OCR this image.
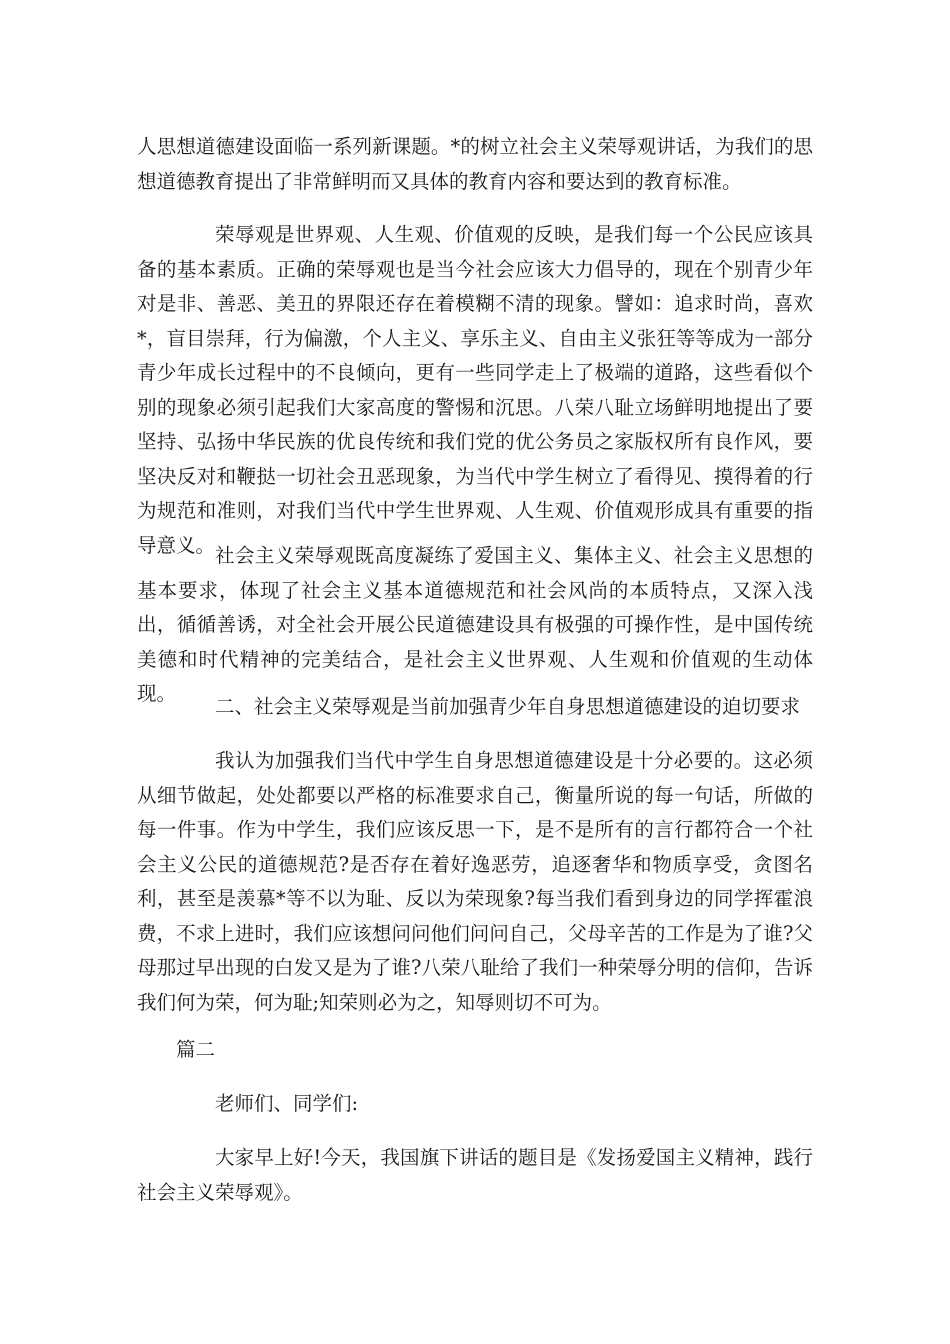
人思想道德建设面临一系列新课题。*的树立社会主义荣辱观讲话，为我们的思想道德教育提出了非常鲜明而又具体的教育内容和要达到的教育标准。

荣辱观是世界观、人生观、价值观的反映，是我们每一个公民应该具备的基本素质。正确的荣辱观也是当今社会应该大力倡导的，现在个别青少年对是非、善恶、美丑的界限还存在着模糊不清的现象。譬如：追求时尚，喜欢*，盲目崇拜，行为偏激，个人主义、享乐主义、自由主义张狂等等成为一部分青少年成长过程中的不良倾向，更有一些同学走上了极端的道路，这些看似个别的现象必须引起我们大家高度的警惕和沉思。八荣八耻立场鲜明地提出了要坚持、弘扬中华民族的优良传统和我们党的优公务员之家版权所有良作风，要坚决反对和鞭挞一切社会丑恶现象，为当代中学生树立了看得见、摸得着的行为规范和准则，对我们当代中学生世界观、人生观、价值观形成具有重要的指导意义。 社会主义荣辱观既高度凝练了爱国主义、集体主义、社会主义思想的基本要求，体现了社会主义基本道德规范和社会风尚的本质特点，又深入浅出，循循善诱，对全社会开展公民道德建设具有极强的可操作性，是中国传统美德和时代精神的完美结合，是社会主义世界观、人生观和价值观的生动体现。

二、社会主义荣辱观是当前加强青少年自身思想道德建设的迫切要求

我认为加强我们当代中学生自身思想道德建设是十分必要的。这必须从细节做起，处处都要以严格的标准要求自己，衡量所说的每一句话，所做的每一件事。作为中学生，我们应该反思一下，是不是所有的言行都符合一个社会主义公民的道德规范?是否存在着好逸恶劳，追逐奢华和物质享受，贪图名利，甚至是羡慕*等不以为耻、反以为荣现象?每当我们看到身边的同学挥霍浪费，不求上进时，我们应该想问问他们问问自己，父母辛苦的工作是为了谁?父母那过早出现的白发又是为了谁?八荣八耻给了我们一种荣辱分明的信仰，告诉我们何为荣，何为耻;知荣则必为之，知辱则切不可为。

篇二

老师们、同学们:

大家早上好!今天，我国旗下讲话的题目是《发扬爱国主义精神，践行社会主义荣辱观》。
